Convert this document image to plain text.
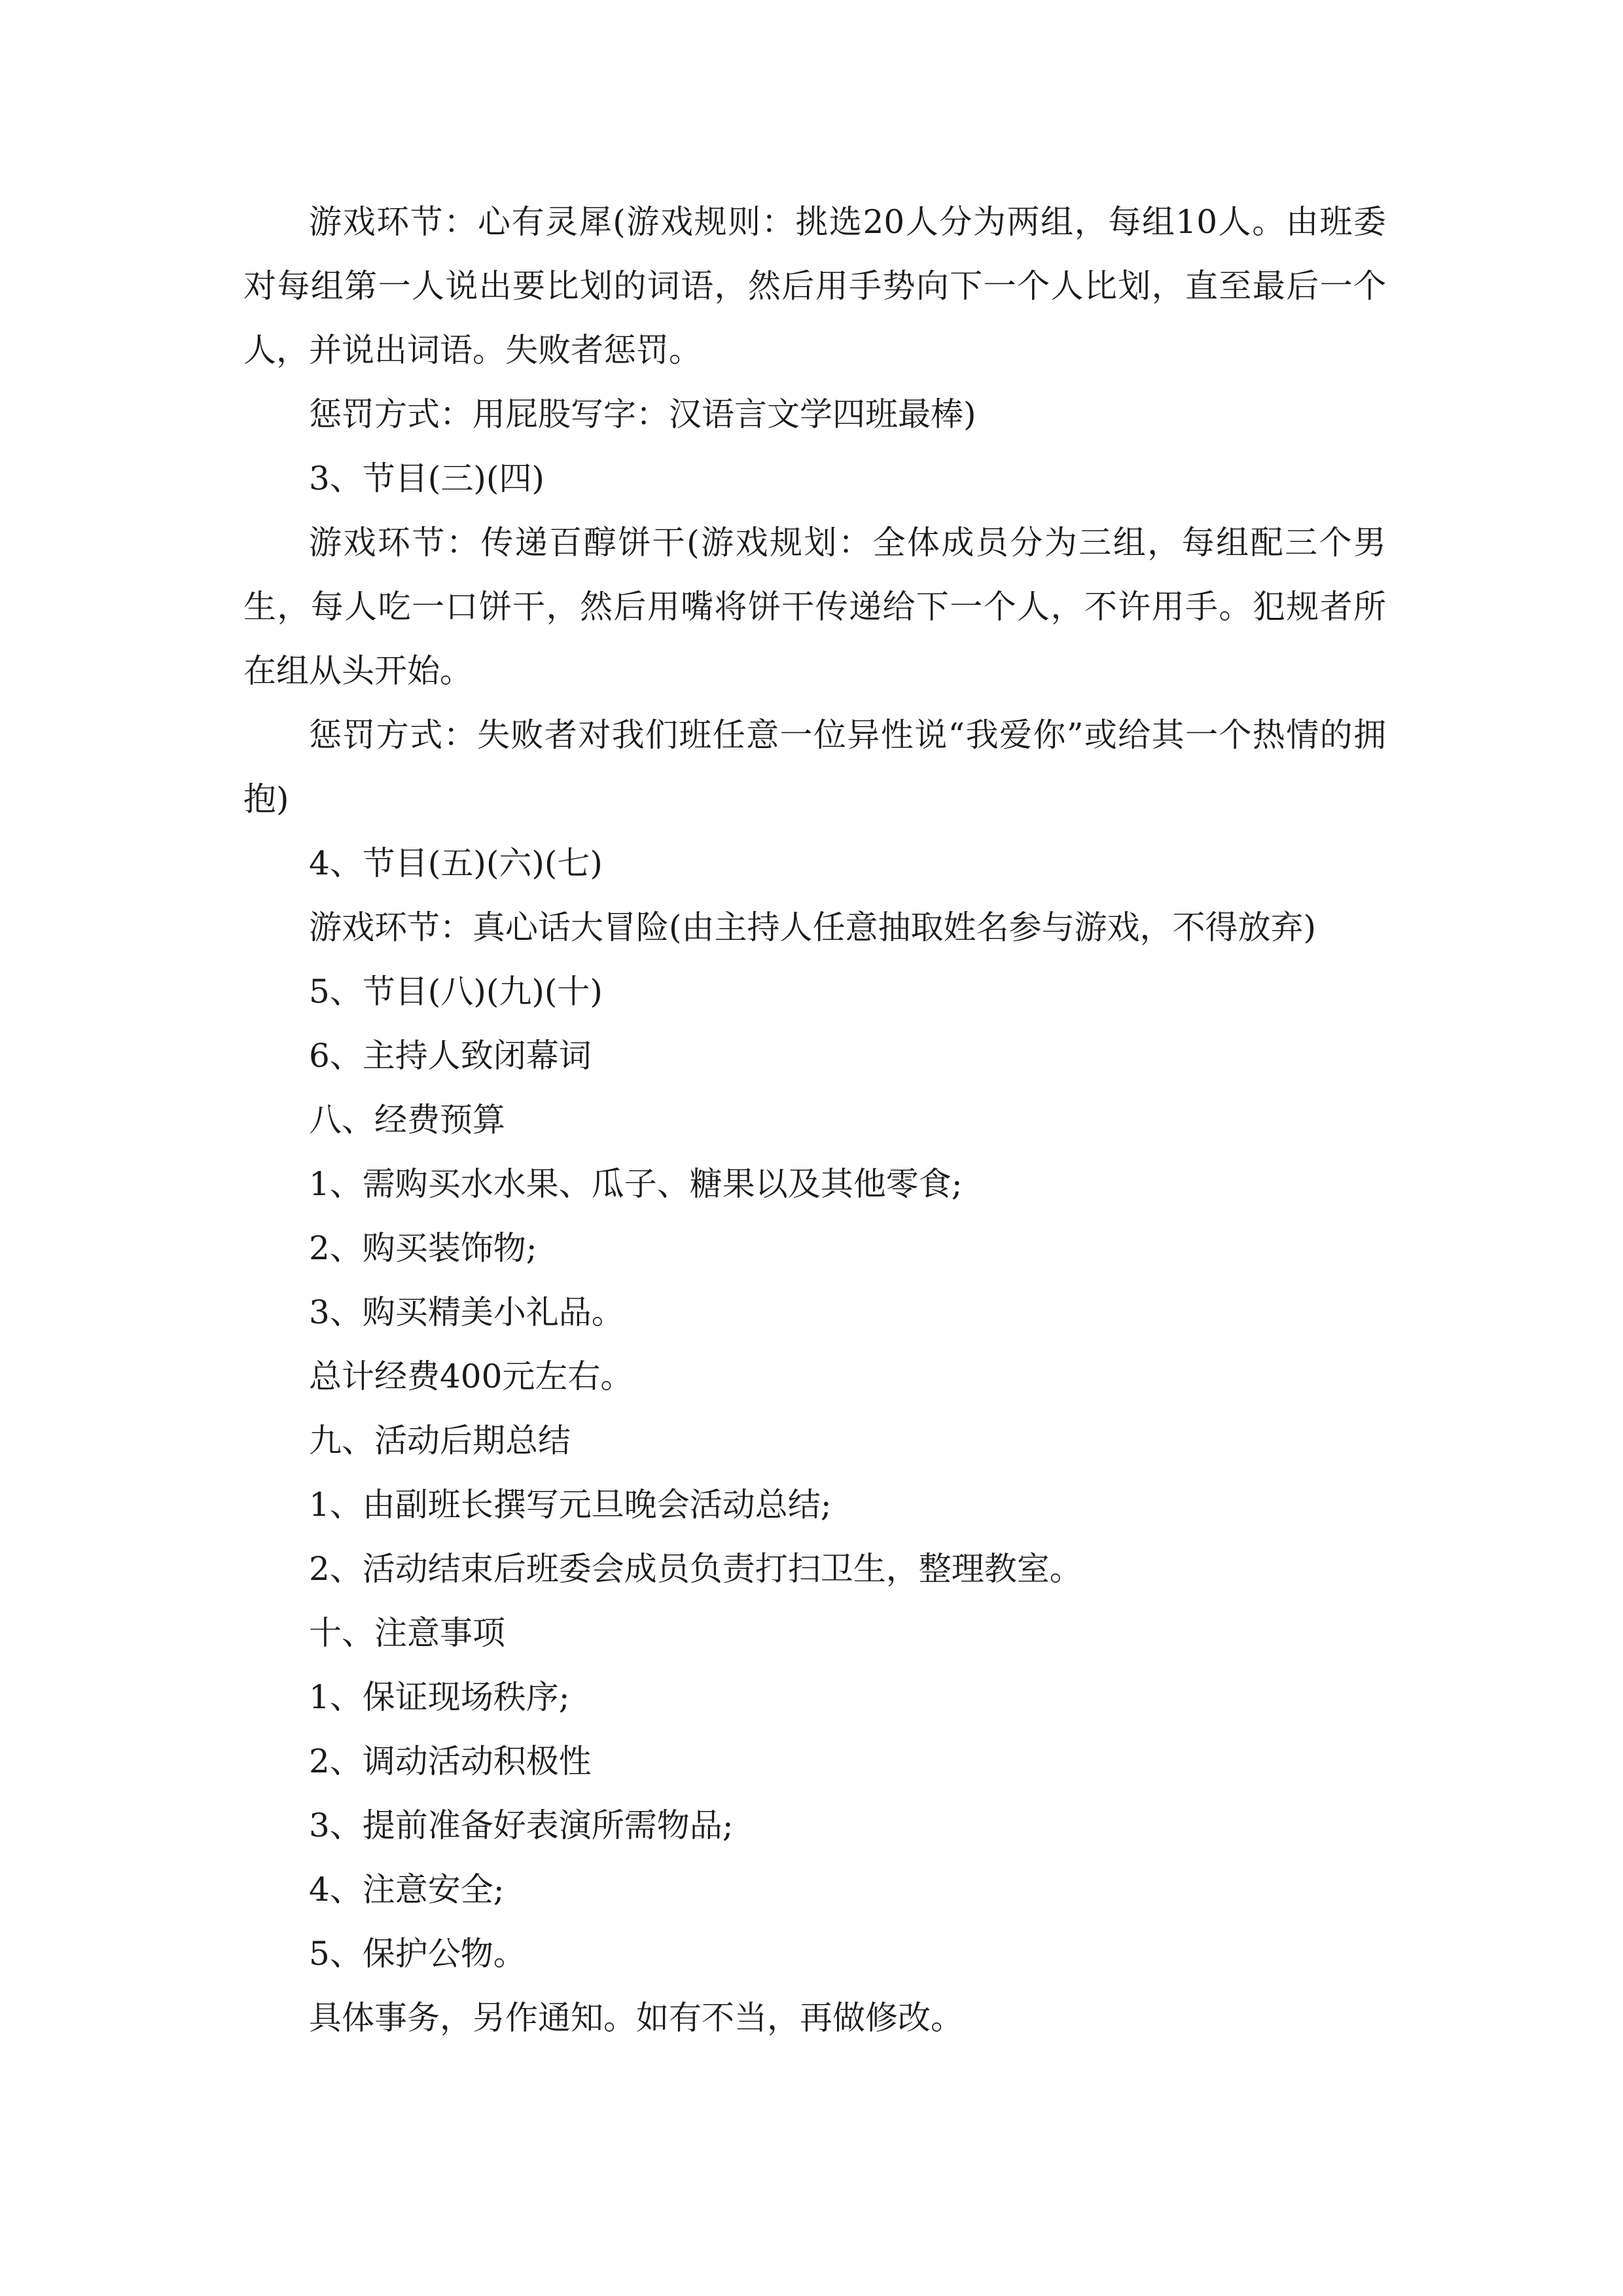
游戏环节：心有灵犀(游戏规则：挑选20人分为两组，每组10人。由班委对每组第一人说出要比划的词语，然后用手势向下一个人比划，直至最后一个人，并说出词语。失败者惩罚。

惩罚方式：用屁股写字：汉语言文学四班最棒)

3、节目(三)(四)

游戏环节：传递百醇饼干(游戏规划：全体成员分为三组，每组配三个男生，每人吃一口饼干，然后用嘴将饼干传递给下一个人，不许用手。犯规者所在组从头开始。

惩罚方式：失败者对我们班任意一位异性说“我爱你”或给其一个热情的拥抱)

4、节目(五)(六)(七)

游戏环节：真心话大冒险(由主持人任意抽取姓名参与游戏，不得放弃)

5、节目(八)(九)(十)

6、主持人致闭幕词

八、经费预算

1、需购买水水果、瓜子、糖果以及其他零食;

2、购买装饰物;

3、购买精美小礼品。

总计经费400元左右。

九、活动后期总结

1、由副班长撰写元旦晚会活动总结;

2、活动结束后班委会成员负责打扫卫生，整理教室。

十、注意事项

1、保证现场秩序;

2、调动活动积极性

3、提前准备好表演所需物品;

4、注意安全;

5、保护公物。

具体事务，另作通知。如有不当，再做修改。
